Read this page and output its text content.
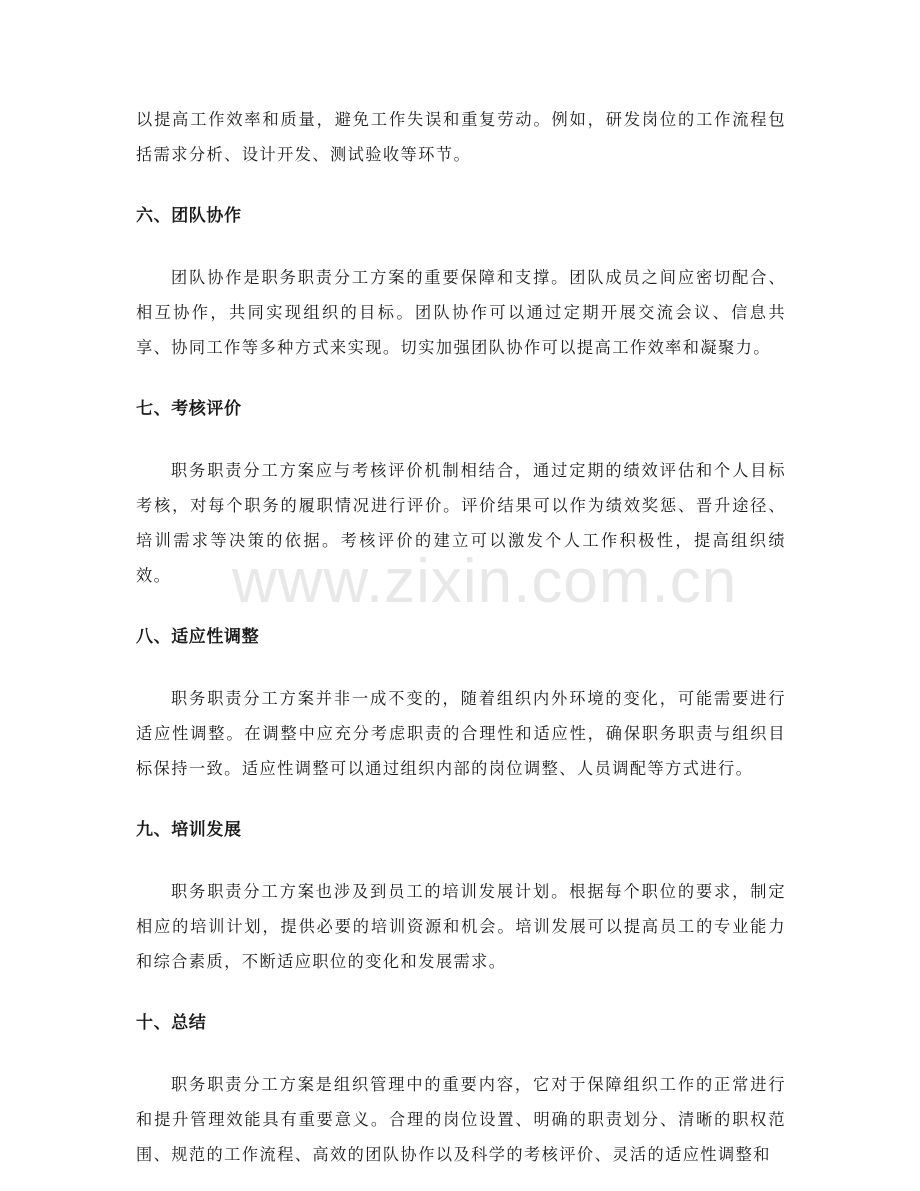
www.zixin.com.cn

以提高工作效率和质量，避免工作失误和重复劳动。例如，研发岗位的工作流程包括需求分析、设计开发、测试验收等环节。

六、团队协作

团队协作是职务职责分工方案的重要保障和支撑。团队成员之间应密切配合、相互协作，共同实现组织的目标。团队协作可以通过定期开展交流会议、信息共享、协同工作等多种方式来实现。切实加强团队协作可以提高工作效率和凝聚力。

七、考核评价

职务职责分工方案应与考核评价机制相结合，通过定期的绩效评估和个人目标考核，对每个职务的履职情况进行评价。评价结果可以作为绩效奖惩、晋升途径、培训需求等决策的依据。考核评价的建立可以激发个人工作积极性，提高组织绩效。

八、适应性调整

职务职责分工方案并非一成不变的，随着组织内外环境的变化，可能需要进行适应性调整。在调整中应充分考虑职责的合理性和适应性，确保职务职责与组织目标保持一致。适应性调整可以通过组织内部的岗位调整、人员调配等方式进行。

九、培训发展

职务职责分工方案也涉及到员工的培训发展计划。根据每个职位的要求，制定相应的培训计划，提供必要的培训资源和机会。培训发展可以提高员工的专业能力和综合素质，不断适应职位的变化和发展需求。

十、总结

职务职责分工方案是组织管理中的重要内容，它对于保障组织工作的正常进行和提升管理效能具有重要意义。合理的岗位设置、明确的职责划分、清晰的职权范围、规范的工作流程、高效的团队协作以及科学的考核评价、灵活的适应性调整和
